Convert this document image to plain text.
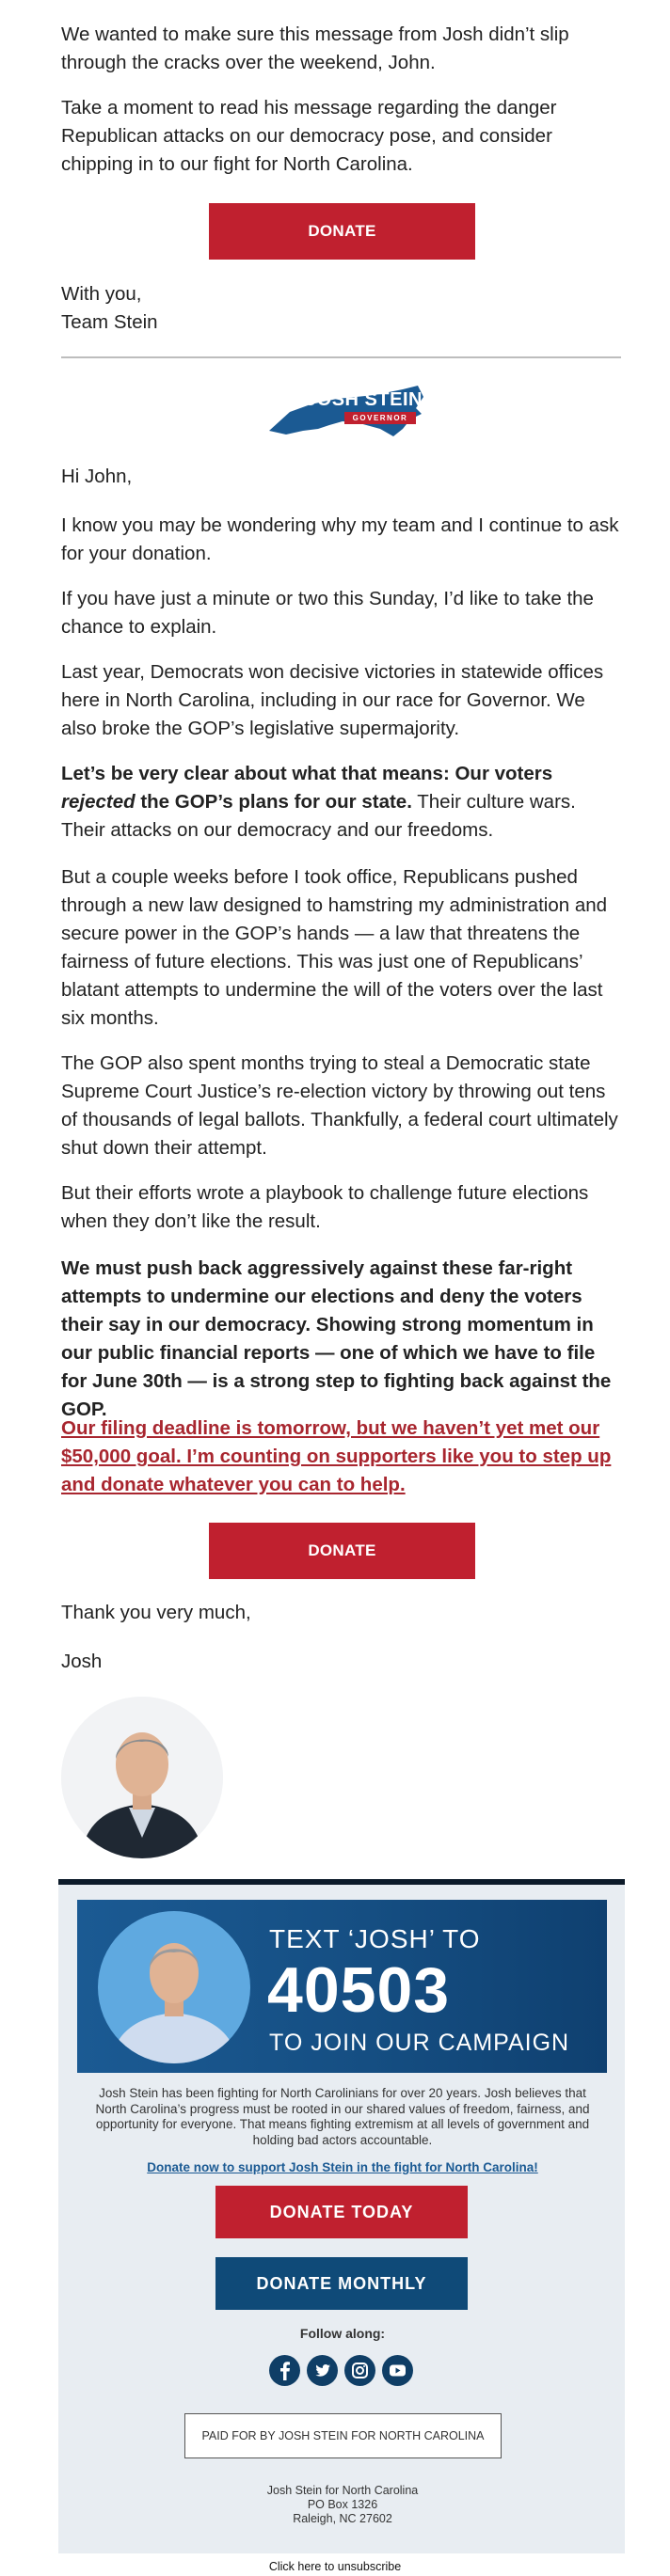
We wanted to make sure this message from Josh didn’t slip through the cracks over the weekend, John.

Take a moment to read his message regarding the danger Republican attacks on our democracy pose, and consider chipping in to our fight for North Carolina.

DONATE

With you,

Team Stein

JOSH STEIN
GOVERNOR

Hi John,

I know you may be wondering why my team and I continue to ask for your donation.

If you have just a minute or two this Sunday, I’d like to take the chance to explain.

Last year, Democrats won decisive victories in statewide offices here in North Carolina, including in our race for Governor. We also broke the GOP’s legislative supermajority.

Let’s be very clear about what that means: Our voters rejected the GOP’s plans for our state. Their culture wars. Their attacks on our democracy and our freedoms.

But a couple weeks before I took office, Republicans pushed through a new law designed to hamstring my administration and secure power in the GOP’s hands — a law that threatens the fairness of future elections. This was just one of Republicans’ blatant attempts to undermine the will of the voters over the last six months.

The GOP also spent months trying to steal a Democratic state Supreme Court Justice’s re-election victory by throwing out tens of thousands of legal ballots. Thankfully, a federal court ultimately shut down their attempt.

But their efforts wrote a playbook to challenge future elections when they don’t like the result.

We must push back aggressively against these far-right attempts to undermine our elections and deny the voters their say in our democracy. Showing strong momentum in our public financial reports — one of which we have to file for June 30th — is a strong step to fighting back against the GOP.

Our filing deadline is tomorrow, but we haven’t yet met our $50,000 goal. I’m counting on supporters like you to step up and donate whatever you can to help.

DONATE

Thank you very much,

Josh

TEXT ‘JOSH’ TO
40503
TO JOIN OUR CAMPAIGN
Josh Stein has been fighting for North Carolinians for over 20 years. Josh believes that North Carolina’s progress must be rooted in our shared values of freedom, fairness, and opportunity for everyone. That means fighting extremism at all levels of government and holding bad actors accountable.
Donate now to support Josh Stein in the fight for North Carolina!
DONATE TODAY
DONATE MONTHLY
Follow along:
PAID FOR BY JOSH STEIN FOR NORTH CAROLINA
Josh Stein for North Carolina
PO Box 1326
Raleigh, NC 27602
Click here to unsubscribe
